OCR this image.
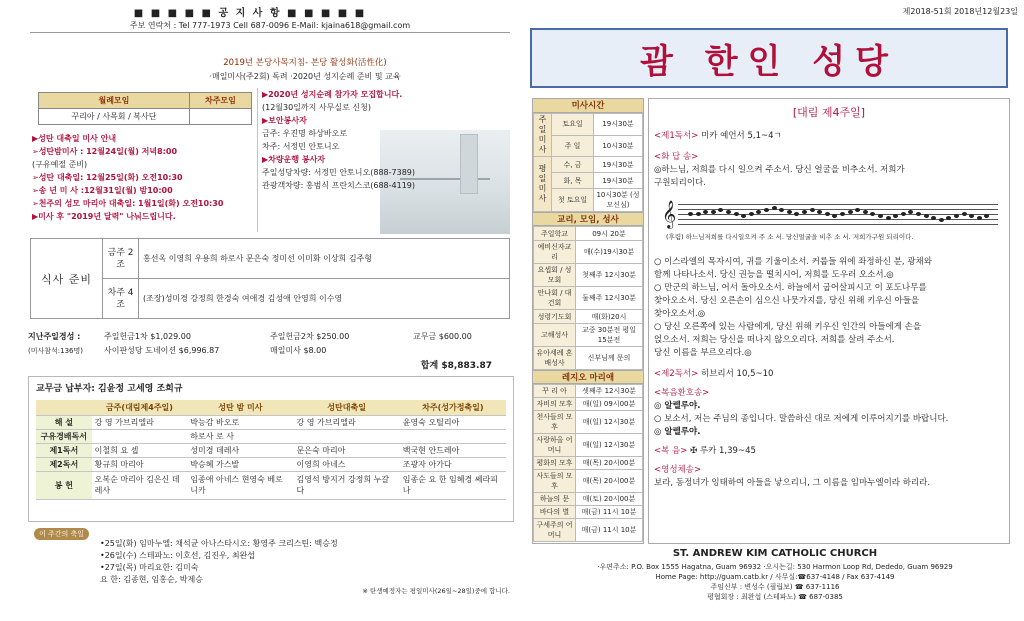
■ ■ ■ ■ ■ 공 지 사 항 ■ ■ ■ ■ ■
주보 연락처 : Tel 777-1973 Cell 687-0096 E-Mail: kjaina618@gmail.com
2019년 본당사목지침- 본당 활성화(活性化)
·매일미사(주2회) 독려 ·2020년 성지순례 준비 및 교육
월례모임	차주모임
꾸리아 / 사목회 / 복사단	
▶성탄 대축일 미사 안내
➢성탄밤미사 : 12월24일(월) 저녁8:00
(구유예절 준비)
➢성탄 대축일: 12월25일(화) 오전10:30
➢송 년 미 사 :12월31일(월) 밤10:00
➢천주의 성모 마리아 대축일: 1월1일(화) 오전10:30
▶미사 후 "2019년 달력" 나눠드립니다.
▶2020년 성지순례 참가자 모집합니다.
(12월30일까지 사무실로 신청)
▶보안봉사자
금주: 우진명 하상바오로
차주: 서정민 안토니오
▶차량운행 봉사자
주일성당차량: 서정민 안토니오(888-7389)
관광객차량: 홍범식 프란치스코(688-4119)
식사 준비	금주 2조	홍선옥 이영희 우용희 하로사 문은숙 정미선 이미화 이상희 김주형
	차주 4조	(조장)성미경 강정희 한경숙 여애경 김성애 안영희 이수영
지난주일경성 :	주일헌금1차 $1,029.00	주일헌금2차 $250.00	교무금 $600.00
(미사참석:136명)	사이판성당 도네이션 $6,996.87	매일미사 $8.00
합계 $8,883.87
교무금 납부자: 김윤정 고세영 조희규
	금주(대림제4주일)	성탄 밤 미사	성탄대축일	차주(성가정축일)
해 설	강 영 가브리엘라	박능감 바오로	강 영 가브리엘라	윤영숙 오틸리아
구유경배독서		하로사 로 사		
제1독서	이철희 요 셉	성미경 데레사	문은숙 마리아	백국현 안드레아
제2독서	황규희 마리아	박승혜 가스발	이영희 아네스	조광자 아가다
봉 헌	오복순 마리아 김은신 데레사	임종애 아네스 현영숙 베로니카	김영석 방지거 강정희 누갈다	임종순 요 한 임혜경 쎄라피나
이 주간의 축일
•25일(화) 임마누엘: 채석균 아나스타시오: 황영주 크리스틴: 백승정
•26일(수) 스테파노: 이호선, 김진우, 최완섭
•27일(목) 마리요한: 김미숙
요 한: 김종현, 임홍순, 박제승
※ 탄생예정자는 평일미사(26일~28일)중에 합니다.
제2018-51회 2018년12월23일
괌 한인 성당
미사시간
주일미사	토요일	19시30분
	주 일	10시30분
평일미사	수, 금	19시30분
	화, 목	19시30분
	첫 토요일	10시30분 (성모신심)
교리, 모임, 성사
주일학교	09시 20분
예비신자교리	매(수)19시30분
요셉회 / 성모회	첫째주 12시30분
안나회 / 대건회	둘째주 12시30분
성령기도회	매(화)20시
고해성사	교중 30분전 평일 15분전
유아세례 혼배성사	신부님께 문의
레지오 마리애
꾸 리 아	셋째주 12시30분
자비의 모후	매(일) 09시00분
천사들의 모후	매(일) 12시30분
사랑하올 어머니	매(일) 12시30분
평화의 모후	매(목) 20시00분
사도들의 모후	매(목) 20시00분
하늘의 문	매(토) 20시00분
바다의 별	매(금) 11시 10분
구세주의 어머니	매(금) 11시 10분
[대림 제4주일]
<제1독서> 미카 예언서 5,1~4ㄱ
<화 답 송>
◎하느님, 저희를 다시 일으켜 주소서. 당신 얼굴을 비추소서. 저희가
구원되리이다.
𝄞
(후렴) 하느님저희를 다시일으켜 주 소 서. 당신얼굴을 비추 소 서. 저희가구원 되리이다.
○ 이스라엘의 목자시여, 귀를 기울이소서. 커룹들 위에 좌정하신 분, 광채와
함께 나타나소서. 당신 권능을 떨치시어, 저희를 도우러 오소서.◎
○ 만군의 하느님, 어서 돌아오소서. 하늘에서 굽어살피시고 이 포도나무를
찾아오소서. 당신 오른손이 심으신 나뭇가지를, 당신 위해 키우신 아들을
찾아오소서.◎
○ 당신 오른쪽에 있는 사람에게, 당신 위해 키우신 인간의 아들에게 손을
얹으소서. 저희는 당신을 떠나지 않으오리다. 저희를 살려 주소서.
당신 이름을 부르오리다.◎
<제2독서> 히브리서 10,5~10
<복음환호송>
◎ 알렐루야.
○ 보소서, 저는 주님의 종입니다. 말씀하신 대로 저에게 이루어지기를 바랍니다.
◎ 알렐루야.
<복 음> ✠ 루카 1,39~45
<영성체송>
보라, 동정녀가 잉태하여 아들을 낳으리니, 그 이름을 임마누엘이라 하리라.
ST. ANDREW KIM CATHOLIC CHURCH
·우편주소: P.O. Box 1555 Hagatna, Guam 96932 ·오시는길: 530 Harmon Loop Rd, Dededo, Guam 96929
Home Page: http://guam.catb.kr / 사무실:☎637-4148 / Fax 637-4149
주임신부 : 변성수 (필립보) ☎ 637-1116
평협회장 : 최완섭 (스테파노) ☎ 687-0385
